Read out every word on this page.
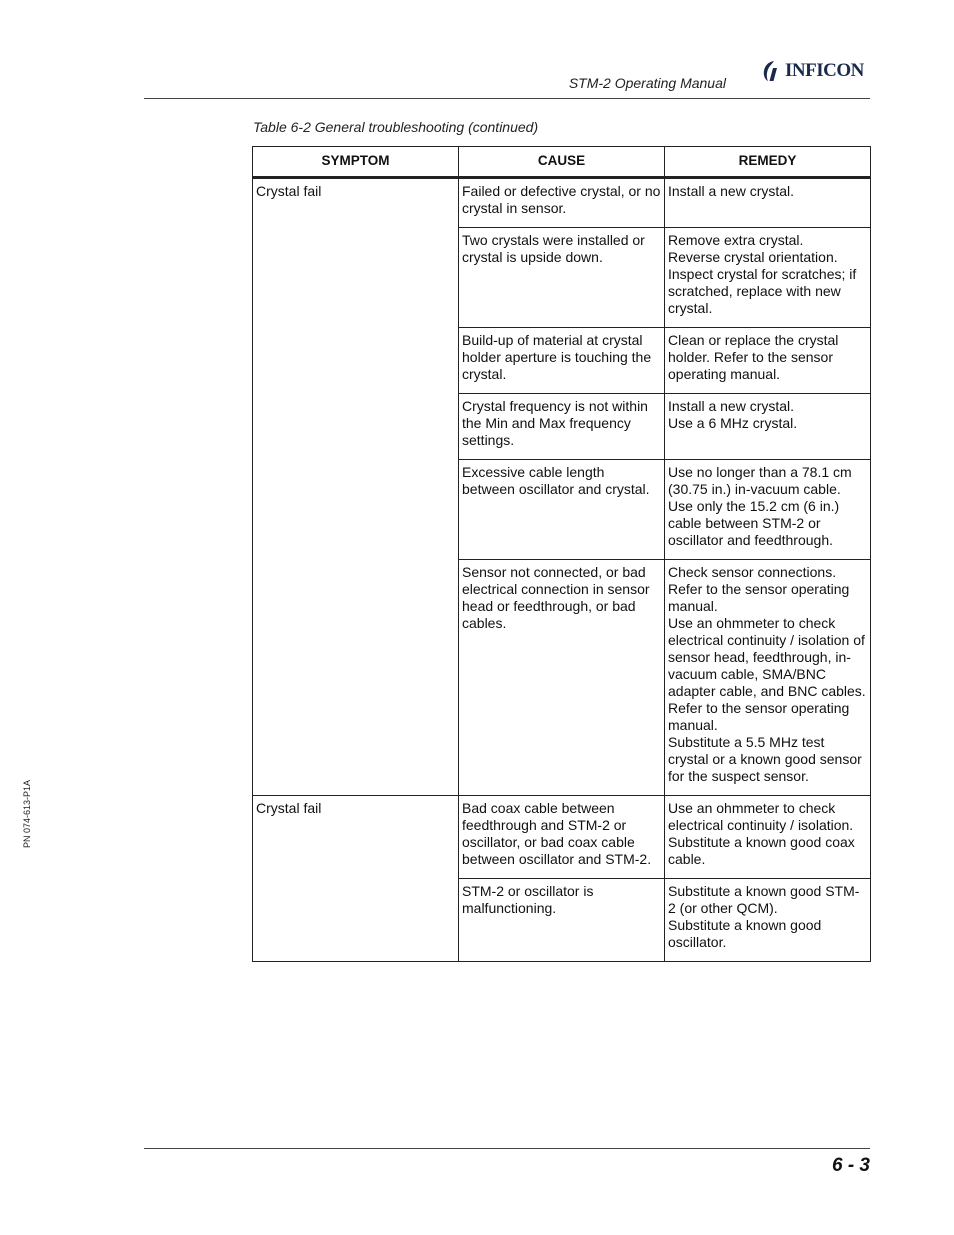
STM-2 Operating Manual
INFICON
Table 6-2 General troubleshooting (continued)
SYMPTOM	CAUSE	REMEDY
Crystal fail	Failed or defective crystal, or no crystal in sensor.	Install a new crystal.

	Two crystals were installed or crystal is upside down.	Remove extra crystal.
Reverse crystal orientation.
Inspect crystal for scratches; if scratched, replace with new crystal.

	Build-up of material at crystal holder aperture is touching the crystal.	Clean or replace the crystal holder. Refer to the sensor operating manual.

	Crystal frequency is not within the Min and Max frequency settings.	Install a new crystal.
Use a 6 MHz crystal.

	Excessive cable length between oscillator and crystal.	Use no longer than a 78.1 cm (30.75 in.) in-vacuum cable. Use only the 15.2 cm (6 in.) cable between STM-2 or oscillator and feedthrough.

	Sensor not connected, or bad electrical connection in sensor head or feedthrough, or bad cables.	Check sensor connections. Refer to the sensor operating manual.
Use an ohmmeter to check electrical continuity / isolation of sensor head, feedthrough, in-vacuum cable, SMA/BNC adapter cable, and BNC cables. Refer to the sensor operating manual.
Substitute a 5.5 MHz test crystal or a known good sensor for the suspect sensor.

Crystal fail	Bad coax cable between feedthrough and STM-2 or oscillator, or bad coax cable between oscillator and STM-2.	Use an ohmmeter to check electrical continuity / isolation.
Substitute a known good coax cable.

	STM-2 or oscillator is malfunctioning.	Substitute a known good STM-2 (or other QCM).
Substitute a known good oscillator.
PN 074-613-P1A
6 - 3
